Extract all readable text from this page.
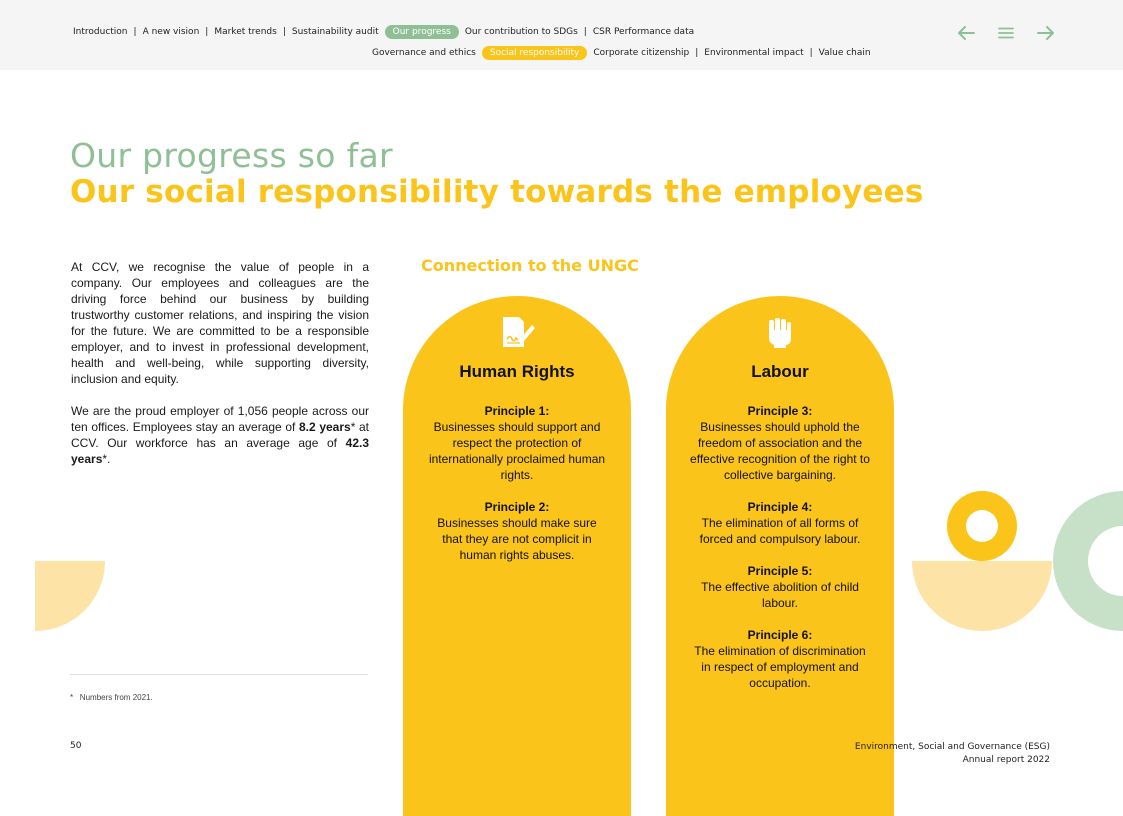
Introduction | A new vision | Market trends | Sustainability audit	Our progress	Our contribution to SDGs | CSR Performance data
Governance and ethics	Social responsibility	Corporate citizenship | Environmental impact | Value chain
Our progress so far
Our social responsibility towards the employees

At CCV, we recognise the value of people in a company. Our employees and colleagues are the driving force behind our business by building trustworthy customer relations, and inspiring the vision for the future. We are committed to be a responsible employer, and to invest in professional development, health and well-being, while supporting diversity, inclusion and equity.

We are the proud employer of 1,056 people across our ten offices. Employees stay an average of 8.2 years* at CCV. Our workforce has an average age of 42.3 years*.

Connection to the UNGC
Human Rights
Principle 1:
Businesses should support and respect the protection of internationally proclaimed human rights.
Principle 2:
Businesses should make sure that they are not complicit in human rights abuses.
Labour
Principle 3:
Businesses should uphold the freedom of association and the effective recognition of the right to collective bargaining.
Principle 4:
The elimination of all forms of forced and compulsory labour.
Principle 5:
The effective abolition of child labour.
Principle 6:
The elimination of discrimination in respect of employment and occupation.
* Numbers from 2021.
50	Environment, Social and Governance (ESG)
Annual report 2022
